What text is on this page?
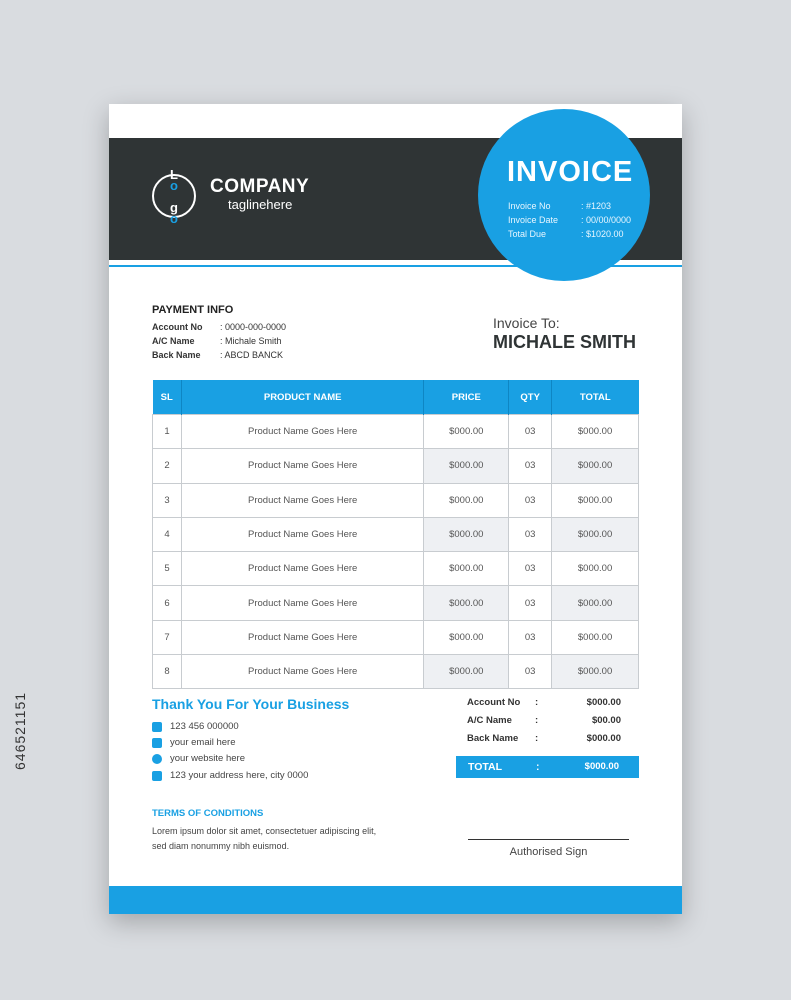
646521151
L
o

g
o
COMPANY
taglinehere
INVOICE
Invoice No	: #1203
Invoice Date	: 00/00/0000
Total Due	: $1020.00
PAYMENT INFO
Account No : 0000-000-0000
A/C Name	: Michale Smith
Back Name : ABCD BANCK
Invoice To:
MICHALE SMITH
SL	PRODUCT NAME	PRICE	QTY	TOTAL
1	Product Name Goes Here	$000.00	03	$000.00
2	Product Name Goes Here	$000.00	03	$000.00
3	Product Name Goes Here	$000.00	03	$000.00
4	Product Name Goes Here	$000.00	03	$000.00
5	Product Name Goes Here	$000.00	03	$000.00
6	Product Name Goes Here	$000.00	03	$000.00
7	Product Name Goes Here	$000.00	03	$000.00
8	Product Name Goes Here	$000.00	03	$000.00
Thank You For Your Business
123 456 000000
your email here
your website here
123 your address here, city 0000
TERMS OF CONDITIONS
Lorem ipsum dolor sit amet, consectetuer adipiscing elit, sed diam nonummy nibh euismod.
Account No :	$000.00
A/C Name :	$00.00
Back Name :	$000.00
TOTAL	:	$000.00
Authorised Sign
